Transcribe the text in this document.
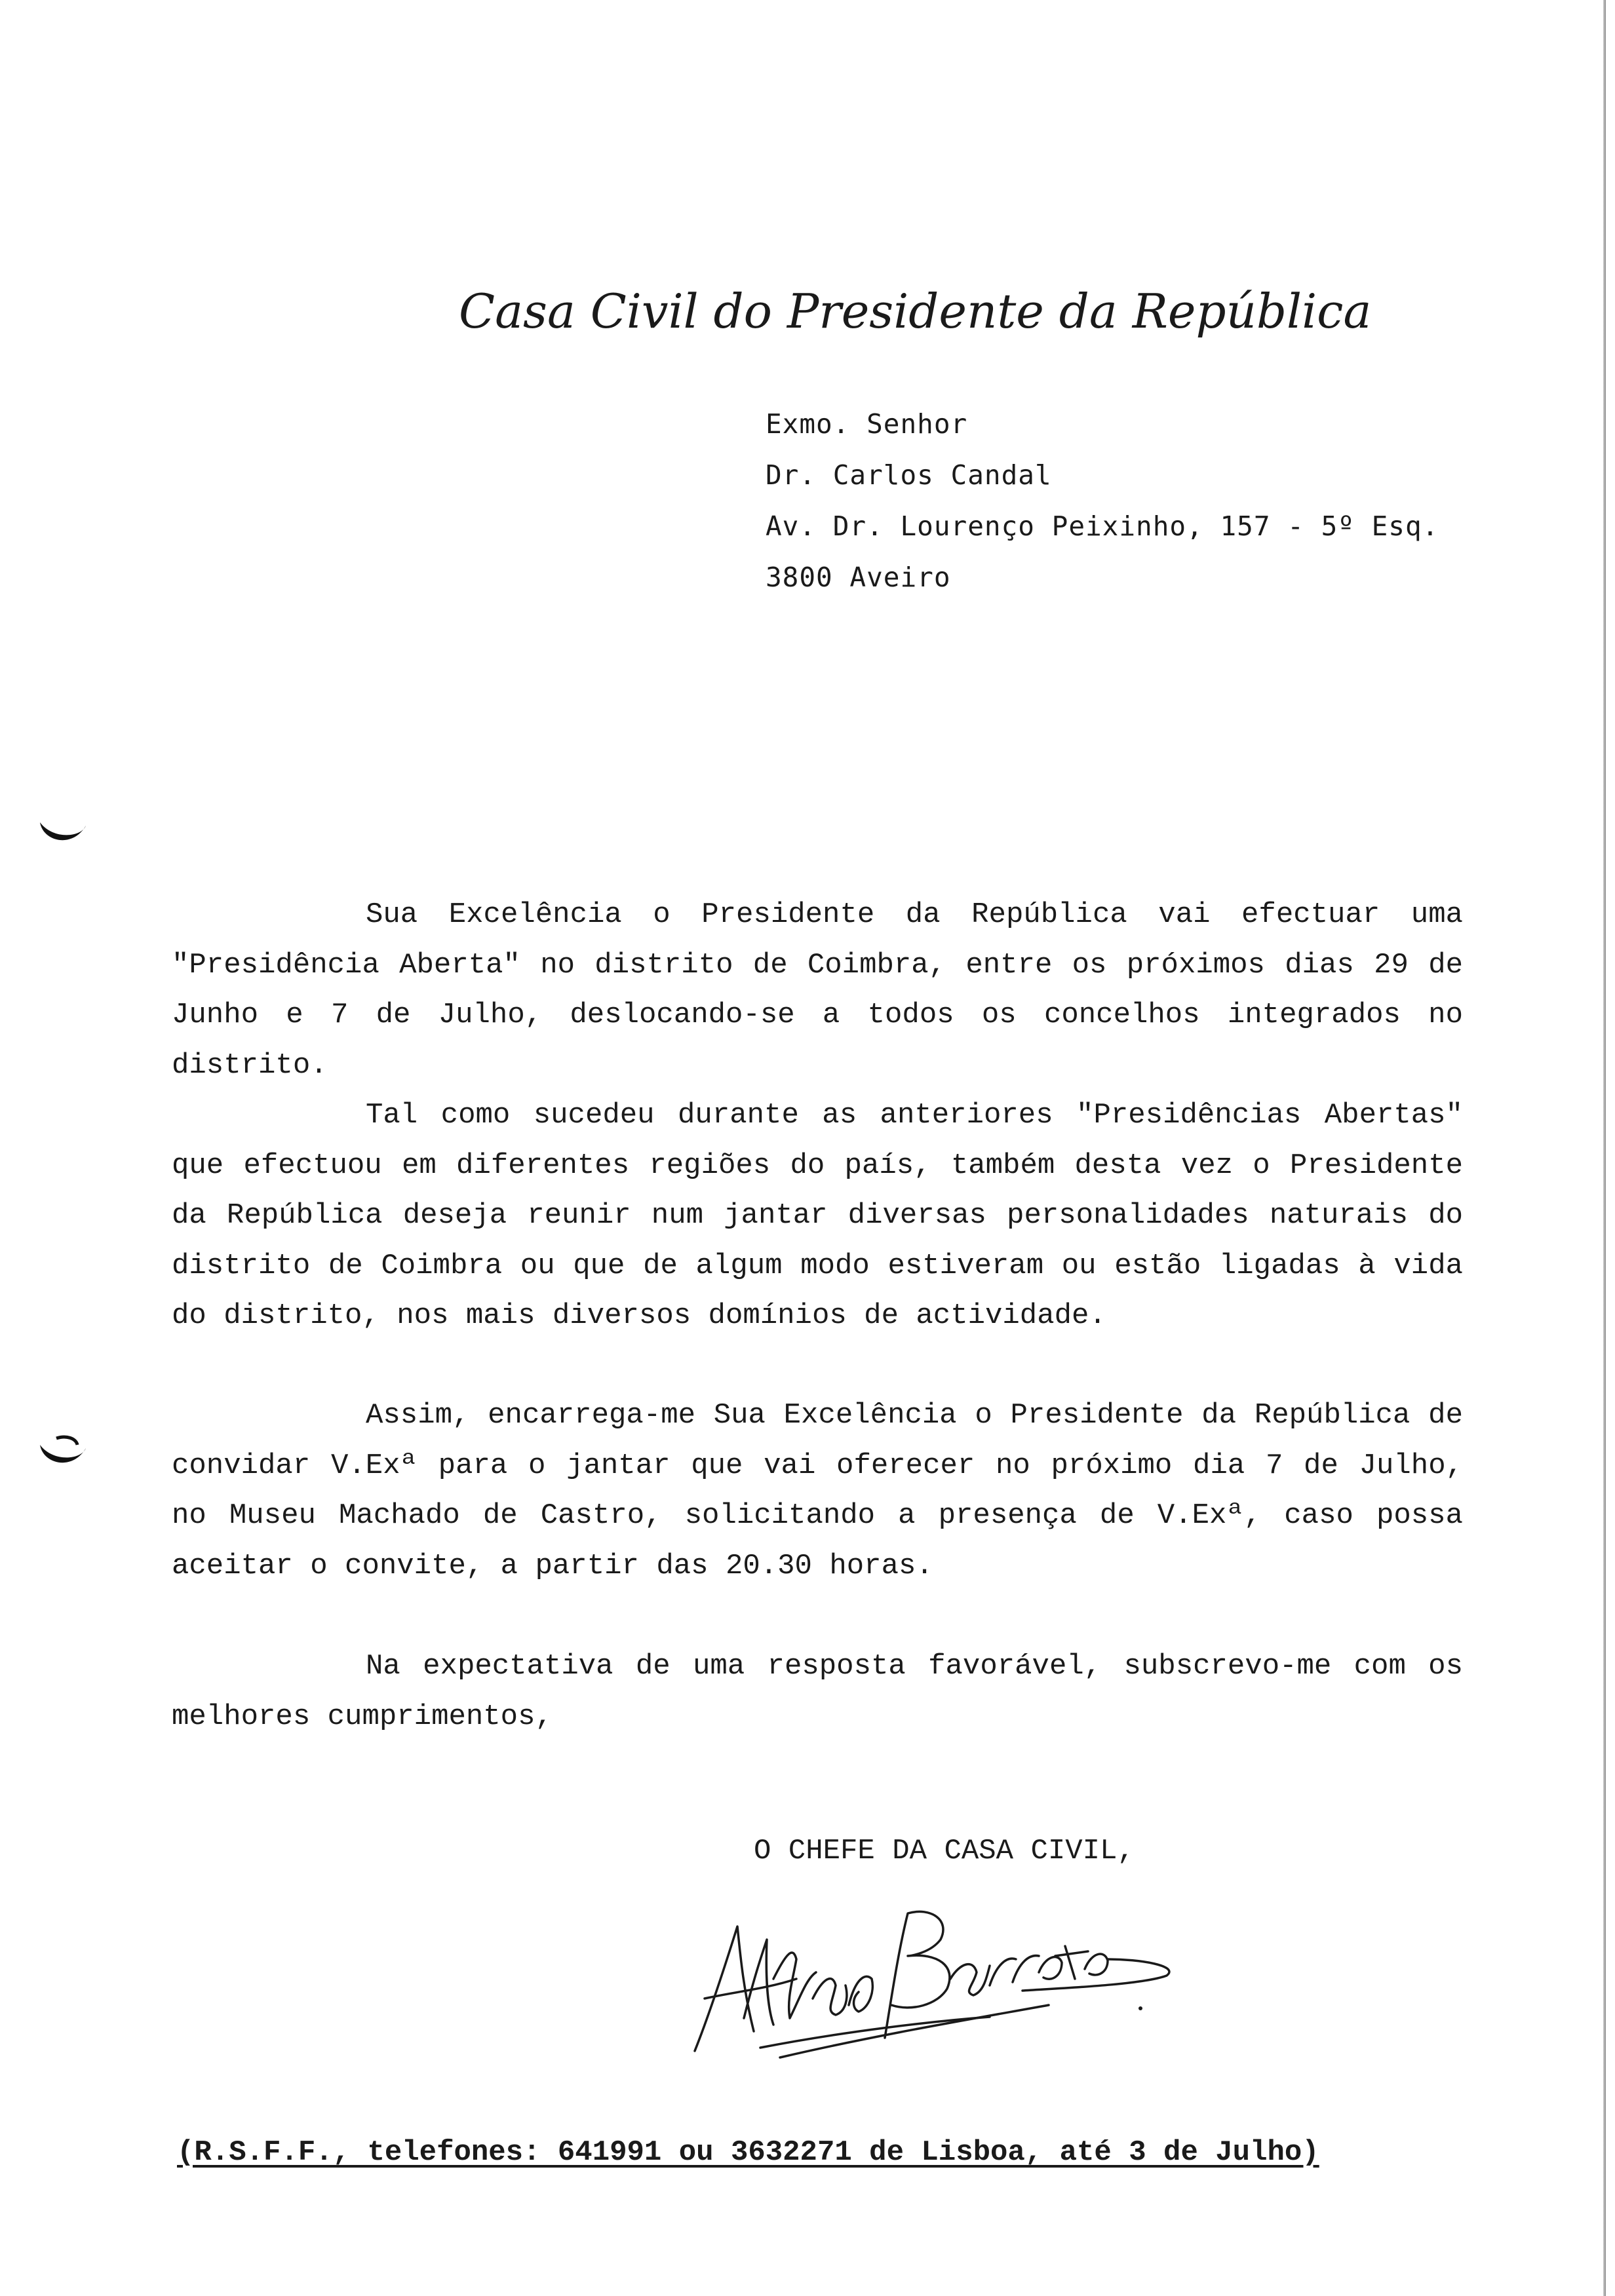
Casa Civil do Presidente da República
Exmo. Senhor
Dr. Carlos Candal
Av. Dr. Lourenço Peixinho, 157 - 5º Esq.
3800 Aveiro

Sua Excelência o Presidente da República vai efectuar uma "Presidência Aberta" no distrito de Coimbra, entre os próximos dias 29 de Junho e 7 de Julho, deslocando-se a todos os concelhos integrados no distrito.

Tal como sucedeu durante as anteriores "Presidências Abertas" que efectuou em diferentes regiões do país, também desta vez o Presidente da República deseja reunir num jantar diversas personalidades naturais do distrito de Coimbra ou que de algum modo estiveram ou estão ligadas à vida do distrito, nos mais diversos domínios de actividade.

Assim, encarrega-me Sua Excelência o Presidente da República de convidar V.Exª para o jantar que vai oferecer no próximo dia 7 de Julho, no Museu Machado de Castro, solicitando a presença de V.Exª, caso possa aceitar o convite, a partir das 20.30 horas.

Na expectativa de uma resposta favorável, subscrevo-me com os melhores cumprimentos,

O CHEFE DA CASA CIVIL,
(R.S.F.F., telefones: 641991 ou 3632271 de Lisboa, até 3 de Julho)
